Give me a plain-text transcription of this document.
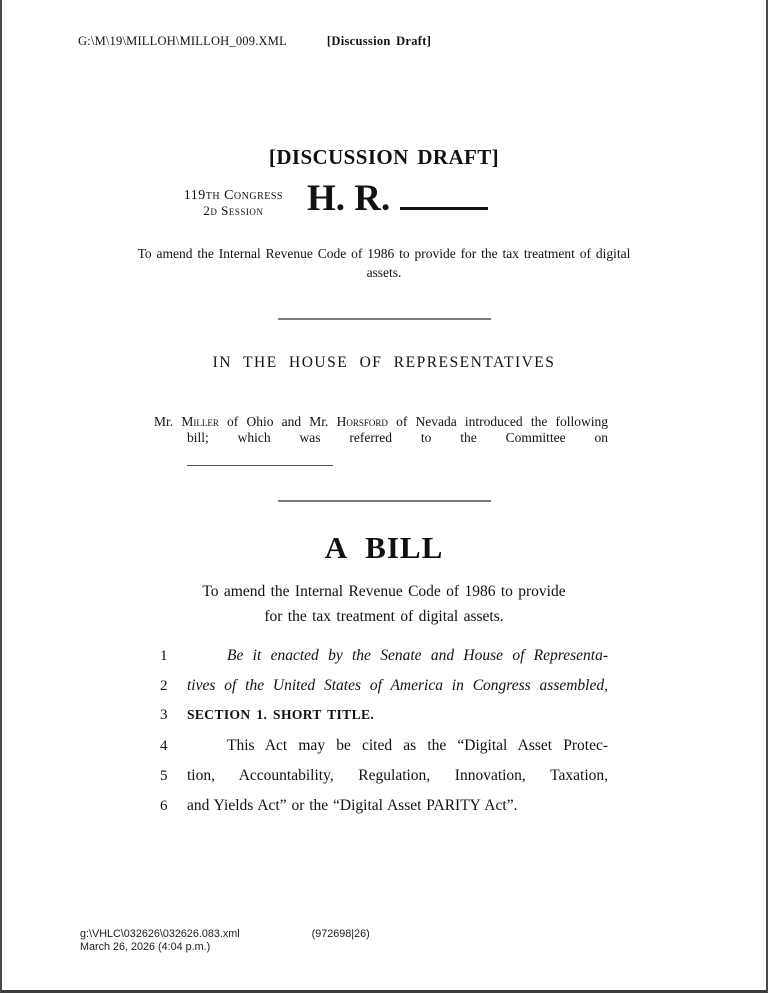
G:\M\19\MILLOH\MILLOH_009.XML	[Discussion Draft]
[DISCUSSION DRAFT]
119th Congress
2d Session	H. R.
To amend the Internal Revenue Code of 1986 to provide for the tax treatment of digital assets.
IN THE HOUSE OF REPRESENTATIVES
Mr. Miller of Ohio and Mr. Horsford of Nevada introduced the following
bill; which was referred to the Committee on
A BILL
To amend the Internal Revenue Code of 1986 to provide
for the tax treatment of digital assets.
1	Be it enacted by the Senate and House of Representa-
2	tives of the United States of America in Congress assembled,
3	SECTION 1. SHORT TITLE.
4	This Act may be cited as the “Digital Asset Protec-
5	tion, Accountability, Regulation, Innovation, Taxation,
6	and Yields Act” or the “Digital Asset PARITY Act”.
g:\VHLC\032626\032626.083.xml	(972698|26)
March 26, 2026 (4:04 p.m.)
